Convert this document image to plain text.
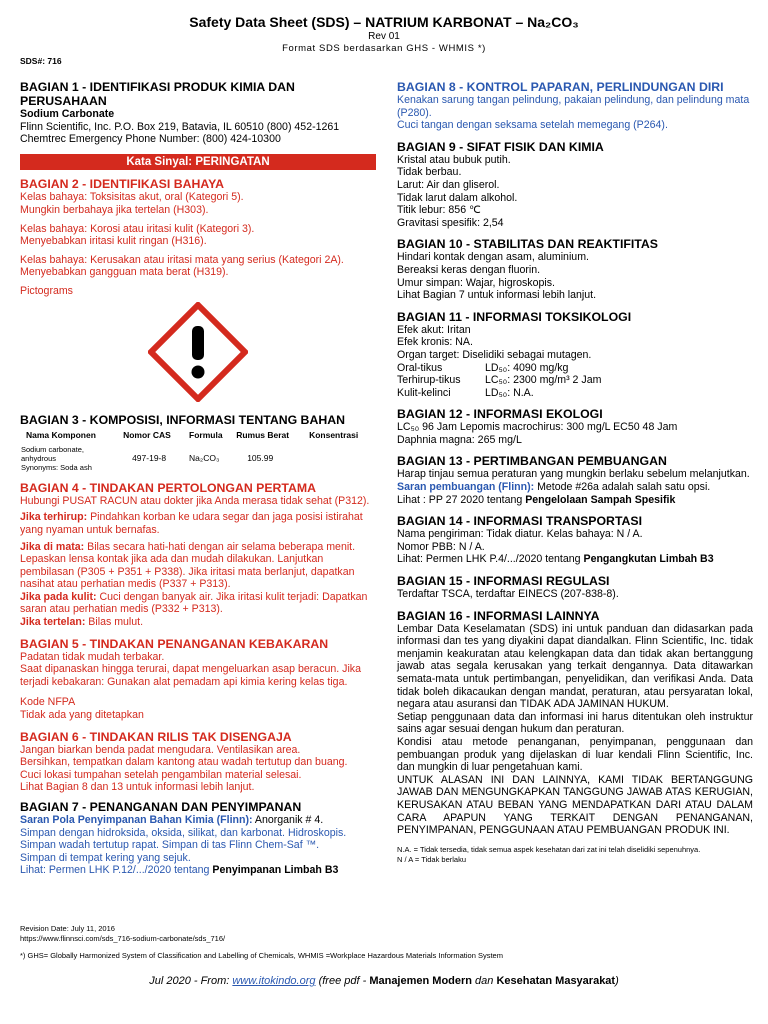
Safety Data Sheet (SDS) – NATRIUM KARBONAT – Na₂CO₃
Rev 01
Format SDS berdasarkan GHS - WHMIS *)
SDS#: 716
BAGIAN 1 - IDENTIFIKASI PRODUK KIMIA DAN PERUSAHAAN

Sodium Carbonate

Flinn Scientific, Inc. P.O. Box 219, Batavia, IL 60510 (800) 452-1261

Chemtrec Emergency Phone Number: (800) 424-10300

Kata Sinyal: PERINGATAN
BAGIAN 2 - IDENTIFIKASI BAHAYA

Kelas bahaya: Toksisitas akut, oral (Kategori 5).

Mungkin berbahaya jika tertelan (H303).

Kelas bahaya: Korosi atau iritasi kulit (Kategori 3).

Menyebabkan iritasi kulit ringan (H316).

Kelas bahaya: Kerusakan atau iritasi mata yang serius (Kategori 2A).

Menyebabkan gangguan mata berat (H319).

Pictograms

BAGIAN 3 - KOMPOSISI, INFORMASI TENTANG BAHAN
Nama Komponen	Nomor CAS	Formula	Rumus Berat	Konsentrasi

Sodium carbonate,
anhydrous
Synonyms: Soda ash	497-19-8	Na₂CO₃	105.99	
BAGIAN 4 - TINDAKAN PERTOLONGAN PERTAMA

Hubungi PUSAT RACUN atau dokter jika Anda merasa tidak sehat (P312).

Jika terhirup: Pindahkan korban ke udara segar dan jaga posisi istirahat yang nyaman untuk bernafas.

Jika di mata: Bilas secara hati-hati dengan air selama beberapa menit. Lepaskan lensa kontak jika ada dan mudah dilakukan. Lanjutkan pembilasan (P305 + P351 + P338). Jika iritasi mata berlanjut, dapatkan nasihat atau perhatian medis (P337 + P313).

Jika pada kulit: Cuci dengan banyak air. Jika iritasi kulit terjadi: Dapatkan saran atau perhatian medis (P332 + P313).

Jika tertelan: Bilas mulut.

BAGIAN 5 - TINDAKAN PENANGANAN KEBAKARAN

Padatan tidak mudah terbakar.

Saat dipanaskan hingga terurai, dapat mengeluarkan asap beracun. Jika terjadi kebakaran: Gunakan alat pemadam api kimia kering kelas tiga.

Kode NFPA

Tidak ada yang ditetapkan

BAGIAN 6 - TINDAKAN RILIS TAK DISENGAJA

Jangan biarkan benda padat mengudara. Ventilasikan area.

Bersihkan, tempatkan dalam kantong atau wadah tertutup dan buang.

Cuci lokasi tumpahan setelah pengambilan material selesai.

Lihat Bagian 8 dan 13 untuk informasi lebih lanjut.

BAGIAN 7 - PENANGANAN DAN PENYIMPANAN

Saran Pola Penyimpanan Bahan Kimia (Flinn): Anorganik # 4.

Simpan dengan hidroksida, oksida, silikat, dan karbonat. Hidroskopis.

Simpan wadah tertutup rapat. Simpan di tas Flinn Chem-Saf ™.

Simpan di tempat kering yang sejuk.

Lihat: Permen LHK P.12/.../2020 tentang Penyimpanan Limbah B3

Revision Date: July 11, 2016
https://www.flinnsci.com/sds_716-sodium-carbonate/sds_716/
BAGIAN 8 - KONTROL PAPARAN, PERLINDUNGAN DIRI

Kenakan sarung tangan pelindung, pakaian pelindung, dan pelindung mata (P280).

Cuci tangan dengan seksama setelah memegang (P264).

BAGIAN 9 - SIFAT FISIK DAN KIMIA

Kristal atau bubuk putih.

Tidak berbau.

Larut: Air dan gliserol.

Tidak larut dalam alkohol.

Titik lebur: 856 ℃

Gravitasi spesifik: 2,54

BAGIAN 10 - STABILITAS DAN REAKTIFITAS

Hindari kontak dengan asam, aluminium.

Bereaksi keras dengan fluorin.

Umur simpan: Wajar, higroskopis.

Lihat Bagian 7 untuk informasi lebih lanjut.

BAGIAN 11 - INFORMASI TOKSIKOLOGI

Efek akut: Iritan

Efek kronis: NA.

Organ target: Diselidiki sebagai mutagen.

Oral-tikus	LD₅₀: 4090 mg/kg

Terhirup-tikus LC₅₀: 2300 mg/m³ 2 Jam

Kulit-kelinci	LD₅₀: N.A.

BAGIAN 12 - INFORMASI EKOLOGI

LC₅₀ 96 Jam Lepomis macrochirus: 300 mg/L EC50 48 Jam

Daphnia magna: 265 mg/L

BAGIAN 13 - PERTIMBANGAN PEMBUANGAN

Harap tinjau semua peraturan yang mungkin berlaku sebelum melanjutkan.

Saran pembuangan (Flinn): Metode #26a adalah salah satu opsi.

Lihat : PP 27 2020 tentang Pengelolaan Sampah Spesifik

BAGIAN 14 - INFORMASI TRANSPORTASI

Nama pengiriman: Tidak diatur. Kelas bahaya: N / A.

Nomor PBB: N / A.

Lihat: Permen LHK P.4/.../2020 tentang Pengangkutan Limbah B3

BAGIAN 15 - INFORMASI REGULASI

Terdaftar TSCA, terdaftar EINECS (207-838-8).

BAGIAN 16 - INFORMASI LAINNYA

Lembar Data Keselamatan (SDS) ini untuk panduan dan didasarkan pada informasi dan tes yang diyakini dapat diandalkan. Flinn Scientific, Inc. tidak menjamin keakuratan atau kelengkapan data dan tidak akan bertanggung jawab atas segala kerusakan yang terkait dengannya. Data ditawarkan semata-mata untuk pertimbangan, penyelidikan, dan verifikasi Anda. Data tidak boleh dikacaukan dengan mandat, peraturan, atau persyaratan lokal, negara atau asuransi dan TIDAK ADA JAMINAN HUKUM.

Setiap penggunaan data dan informasi ini harus ditentukan oleh instruktur sains agar sesuai dengan hukum dan peraturan.

Kondisi atau metode penanganan, penyimpanan, penggunaan dan pembuangan produk yang dijelaskan di luar kendali Flinn Scientific, Inc. dan mungkin di luar pengetahuan kami.

UNTUK ALASAN INI DAN LAINNYA, KAMI TIDAK BERTANGGUNG JAWAB DAN MENGUNGKAPKAN TANGGUNG JAWAB ATAS KERUGIAN, KERUSAKAN ATAU BEBAN YANG MENDAPATKAN DARI ATAU DALAM CARA APAPUN YANG TERKAIT DENGAN PENANGANAN, PENYIMPANAN, PENGGUNAAN ATAU PEMBUANGAN PRODUK INI.

N.A. = Tidak tersedia, tidak semua aspek kesehatan dari zat ini telah diselidiki sepenuhnya.

N / A = Tidak berlaku

*) GHS= Globally Harmonized System of Classification and Labelling of Chemicals, WHMIS =Workplace Hazardous Materials Information System
Jul 2020 - From: www.itokindo.org (free pdf - Manajemen Modern dan Kesehatan Masyarakat)
